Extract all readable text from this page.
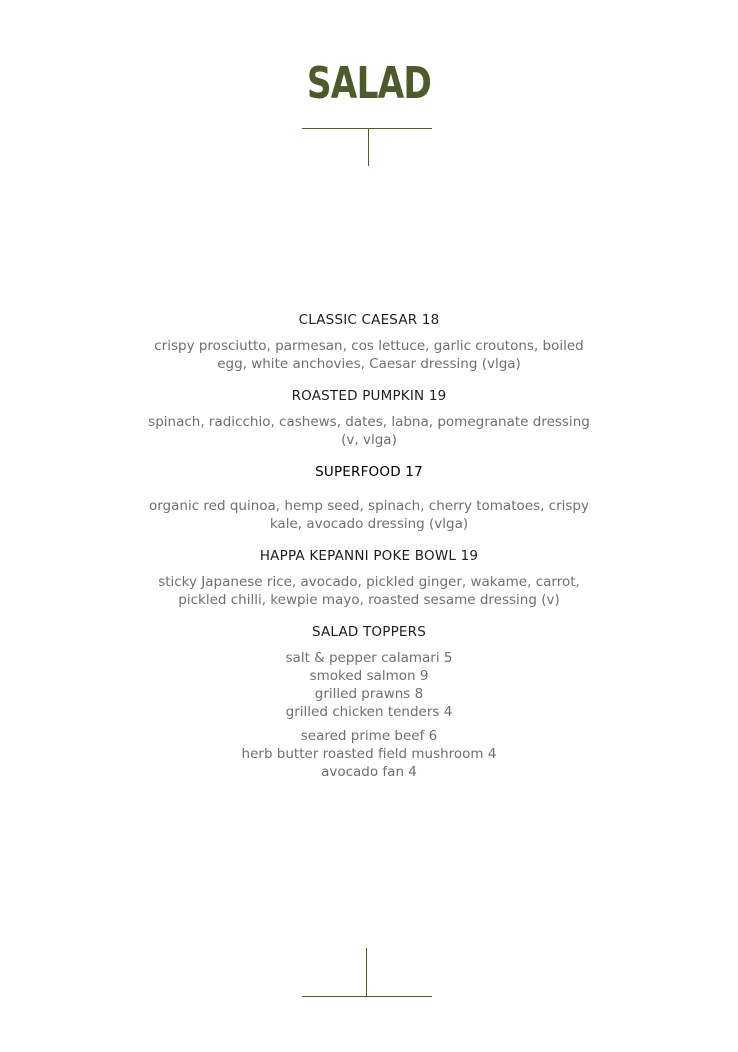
SALAD

CLASSIC CAESAR 18

crispy prosciutto, parmesan, cos lettuce, garlic croutons, boiled egg, white anchovies, Caesar dressing (vlga)

ROASTED PUMPKIN 19

spinach, radicchio, cashews, dates, labna, pomegranate dressing (v, vlga)

SUPERFOOD 17

organic red quinoa, hemp seed, spinach, cherry tomatoes, crispy kale, avocado dressing (vlga)

HAPPA KEPANNI POKE BOWL 19

sticky Japanese rice, avocado, pickled ginger, wakame, carrot, pickled chilli, kewpie mayo, roasted sesame dressing (v)

SALAD TOPPERS

salt & pepper calamari 5
smoked salmon 9
grilled prawns 8
grilled chicken tenders 4
seared prime beef 6
herb butter roasted field mushroom 4
avocado fan 4
